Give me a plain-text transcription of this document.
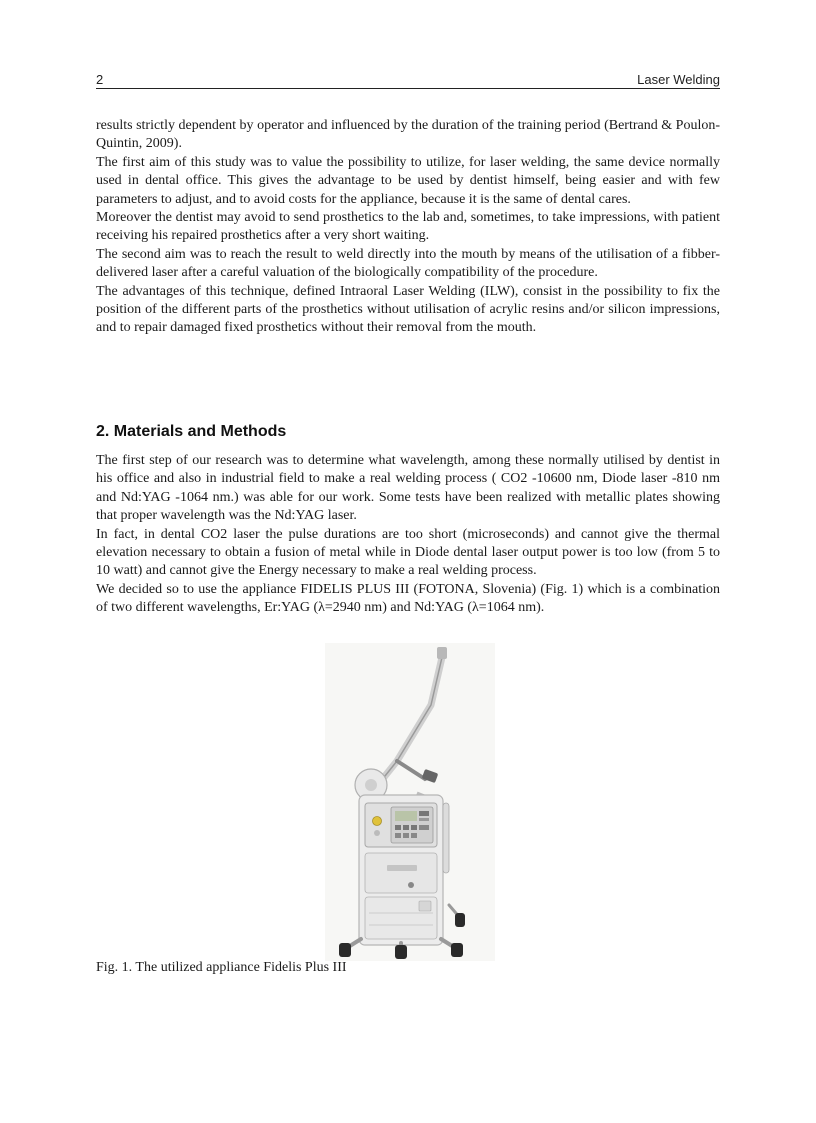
2	Laser Welding

results strictly dependent by operator and influenced by the duration of the training period (Bertrand & Poulon-Quintin, 2009).

The first aim of this study was to value the possibility to utilize, for laser welding, the same device normally used in dental office. This gives the advantage to be used by dentist himself, being easier and with few parameters to adjust, and to avoid costs for the appliance, because it is the same of dental cares.

Moreover the dentist may avoid to send prosthetics to the lab and, sometimes, to take impressions, with patient receiving his repaired prosthetics after a very short waiting.

The second aim was to reach the result to weld directly into the mouth by means of the utilisation of a fibber-delivered laser after a careful valuation of the biologically compatibility of the procedure.

The advantages of this technique, defined Intraoral Laser Welding (ILW), consist in the possibility to fix the position of the different parts of the prosthetics without utilisation of acrylic resins and/or silicon impressions, and to repair damaged fixed prosthetics without their removal from the mouth.

2. Materials and Methods

The first step of our research was to determine what wavelength, among these normally utilised by dentist in his office and also in industrial field to make a real welding process ( CO2 -10600 nm, Diode laser -810 nm and Nd:YAG -1064 nm.) was able for our work. Some tests have been realized with metallic plates showing that proper wavelength was the Nd:YAG laser.

In fact, in dental CO2 laser the pulse durations are too short (microseconds) and cannot give the thermal elevation necessary to obtain a fusion of metal while in Diode dental laser output power is too low (from 5 to 10 watt) and cannot give the Energy necessary to make a real welding process.

We decided so to use the appliance FIDELIS PLUS III (FOTONA, Slovenia) (Fig. 1) which is a combination of two different wavelengths, Er:YAG (λ=2940 nm) and Nd:YAG (λ=1064 nm).

Fig. 1. The utilized appliance Fidelis Plus III
